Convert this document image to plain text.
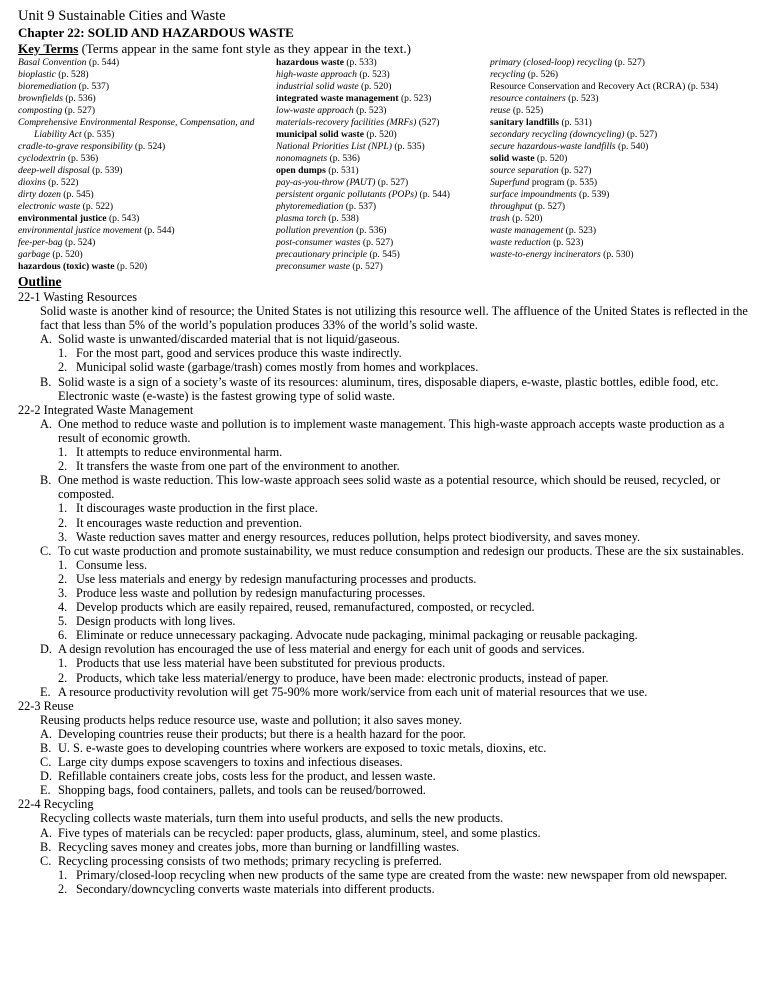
Unit 9 Sustainable Cities and Waste
Chapter 22: SOLID AND HAZARDOUS WASTE
Key Terms (Terms appear in the same font style as they appear in the text.)
Basal Convention (p. 544)
bioplastic (p. 528)
bioremediation (p. 537)
brownfields (p. 536)
composting (p. 527)
Comprehensive Environmental Response, Compensation, and
Liability Act (p. 535)
cradle-to-grave responsibility (p. 524)
cyclodextrin (p. 536)
deep-well disposal (p. 539)
dioxins (p. 522)
dirty dozen (p. 545)
electronic waste (p. 522)
environmental justice (p. 543)
environmental justice movement (p. 544)
fee-per-bag (p. 524)
garbage (p. 520)
hazardous (toxic) waste (p. 520)
hazardous waste (p. 533)
high-waste approach (p. 523)
industrial solid waste (p. 520)
integrated waste management (p. 523)
low-waste approach (p. 523)
materials-recovery facilities (MRFs) (527)
municipal solid waste (p. 520)
National Priorities List (NPL) (p. 535)
nonomagnets (p. 536)
open dumps (p. 531)
pay-as-you-throw (PAUT) (p. 527)
persistent organic pollutants (POPs) (p. 544)
phytoremediation (p. 537)
plasma torch (p. 538)
pollution prevention (p. 536)
post-consumer wastes (p. 527)
precautionary principle (p. 545)
preconsumer waste (p. 527)
primary (closed-loop) recycling (p. 527)
recycling (p. 526)
Resource Conservation and Recovery Act (RCRA) (p. 534)
resource containers (p. 523)
reuse (p. 525)
sanitary landfills (p. 531)
secondary recycling (downcycling) (p. 527)
secure hazardous-waste landfills (p. 540)
solid waste (p. 520)
source separation (p. 527)
Superfund program (p. 535)
surface impoundments (p. 539)
throughput (p. 527)
trash (p. 520)
waste management (p. 523)
waste reduction (p. 523)
waste-to-energy incinerators (p. 530)
Outline
22-1 Wasting Resources
Solid waste is another kind of resource; the United States is not utilizing this resource well. The affluence of the United States is reflected in the fact that less than 5% of the world’s population produces 33% of the world’s solid waste.
A. Solid waste is unwanted/discarded material that is not liquid/gaseous.
1. For the most part, good and services produce this waste indirectly.
2. Municipal solid waste (garbage/trash) comes mostly from homes and workplaces.
B. Solid waste is a sign of a society’s waste of its resources: aluminum, tires, disposable diapers, e-waste, plastic bottles, edible food, etc. Electronic waste (e-waste) is the fastest growing type of solid waste.
22-2 Integrated Waste Management
A. One method to reduce waste and pollution is to implement waste management. This high-waste approach accepts waste production as a result of economic growth.
1. It attempts to reduce environmental harm.
2. It transfers the waste from one part of the environment to another.
B. One method is waste reduction. This low-waste approach sees solid waste as a potential resource, which should be reused, recycled, or composted.
1. It discourages waste production in the first place.
2. It encourages waste reduction and prevention.
3. Waste reduction saves matter and energy resources, reduces pollution, helps protect biodiversity, and saves money.
C. To cut waste production and promote sustainability, we must reduce consumption and redesign our products. These are the six sustainables.
1. Consume less.
2. Use less materials and energy by redesign manufacturing processes and products.
3. Produce less waste and pollution by redesign manufacturing processes.
4. Develop products which are easily repaired, reused, remanufactured, composted, or recycled.
5. Design products with long lives.
6. Eliminate or reduce unnecessary packaging. Advocate nude packaging, minimal packaging or reusable packaging.
D. A design revolution has encouraged the use of less material and energy for each unit of goods and services.
1. Products that use less material have been substituted for previous products.
2. Products, which take less material/energy to produce, have been made: electronic products, instead of paper.
E. A resource productivity revolution will get 75-90% more work/service from each unit of material resources that we use.
22-3 Reuse
Reusing products helps reduce resource use, waste and pollution; it also saves money.
A. Developing countries reuse their products; but there is a health hazard for the poor.
B. U. S. e-waste goes to developing countries where workers are exposed to toxic metals, dioxins, etc.
C. Large city dumps expose scavengers to toxins and infectious diseases.
D. Refillable containers create jobs, costs less for the product, and lessen waste.
E. Shopping bags, food containers, pallets, and tools can be reused/borrowed.
22-4 Recycling
Recycling collects waste materials, turn them into useful products, and sells the new products.
A. Five types of materials can be recycled: paper products, glass, aluminum, steel, and some plastics.
B. Recycling saves money and creates jobs, more than burning or landfilling wastes.
C. Recycling processing consists of two methods; primary recycling is preferred.
1. Primary/closed-loop recycling when new products of the same type are created from the waste: new newspaper from old newspaper.
2. Secondary/downcycling converts waste materials into different products.
